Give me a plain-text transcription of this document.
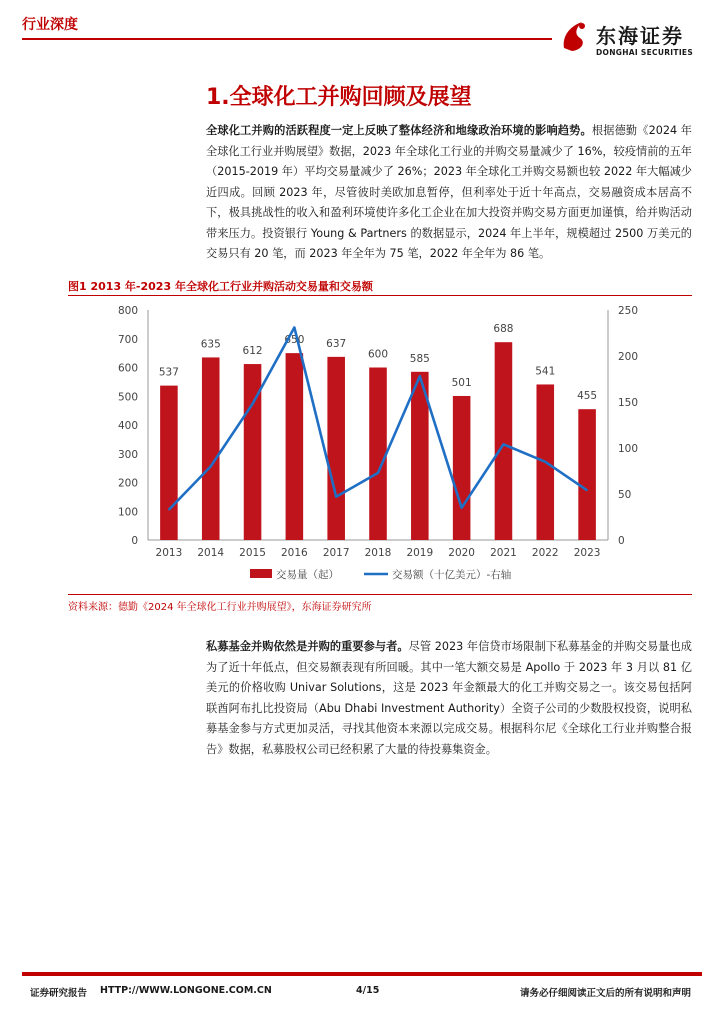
行业深度	东海证券
DONGHAI SECURITIES
1.全球化工并购回顾及展望
全球化工并购的活跃程度一定上反映了整体经济和地缘政治环境的影响趋势。根据德勤《2024 年全球化工行业并购展望》数据，2023 年全球化工行业的并购交易量减少了 16%，较疫情前的五年（2015-2019 年）平均交易量减少了 26%；2023 年全球化工并购交易额也较 2022 年大幅减少近四成。回顾 2023 年，尽管彼时美欧加息暂停，但利率处于近十年高点，交易融资成本居高不下，极具挑战性的收入和盈利环境使许多化工企业在加大投资并购交易方面更加谨慎，给并购活动带来压力。投资银行 Young & Partners 的数据显示，2024 年上半年，规模超过 2500 万美元的交易只有 20 笔，而 2023 年全年为 75 笔，2022 年全年为 86 笔。
图1 2013 年-2023 年全球化工行业并购活动交易量和交易额
0
100
200
300
400
500
600
700
800
0
50
100
150
200
250
537
635
612
650 637
600 585
501
688
541
455
2013 2014 2015 2016 2017 2018 2019 2020 2021 2022 2023
交易量（起）	交易额（十亿美元）-右轴
资料来源：德勤《2024 年全球化工行业并购展望》，东海证券研究所
私募基金并购依然是并购的重要参与者。尽管 2023 年信贷市场限制下私募基金的并购交易量也成为了近十年低点，但交易额表现有所回暖。其中一笔大额交易是 Apollo 于 2023 年 3 月以 81 亿美元的价格收购 Univar Solutions，这是 2023 年金额最大的化工并购交易之一。该交易包括阿联酋阿布扎比投资局（Abu Dhabi Investment Authority）全资子公司的少数股权投资，说明私募基金参与方式更加灵活，寻找其他资本来源以完成交易。根据科尔尼《全球化工行业并购整合报告》数据，私募股权公司已经积累了大量的待投募集资金。
证券研究报告 HTTP://WWW.LONGONE.COM.CN	4/15	请务必仔细阅读正文后的所有说明和声明
